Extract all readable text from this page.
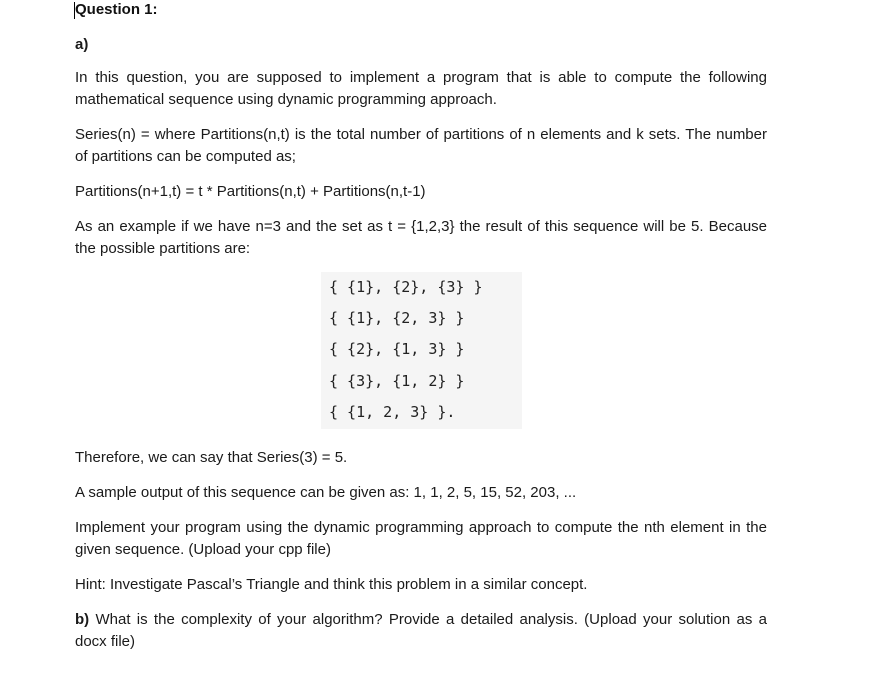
Question 1:
a)

In this question, you are supposed to implement a program that is able to compute the following mathematical sequence using dynamic programming approach.

Series(n) = where Partitions(n,t) is the total number of partitions of n elements and k sets. The number of partitions can be computed as;

Partitions(n+1,t) = t * Partitions(n,t) + Partitions(n,t-1)

As an example if we have n=3 and the set as t = {1,2,3} the result of this sequence will be 5. Because the possible partitions are:

{ {1}, {2}, {3} }
{ {1}, {2, 3} }
{ {2}, {1, 3} }
{ {3}, {1, 2} }
{ {1, 2, 3} }.

Therefore, we can say that Series(3) = 5.

A sample output of this sequence can be given as: 1, 1, 2, 5, 15, 52, 203, ...

Implement your program using the dynamic programming approach to compute the nth element in the given sequence. (Upload your cpp file)

Hint: Investigate Pascal’s Triangle and think this problem in a similar concept.

b) What is the complexity of your algorithm? Provide a detailed analysis. (Upload your solution as a docx file)
